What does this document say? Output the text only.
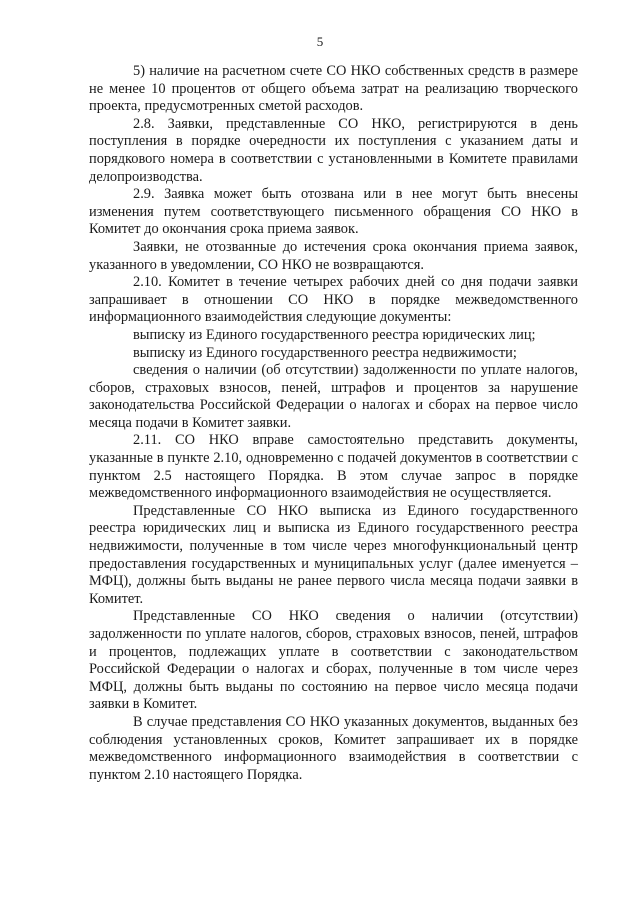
5

5) наличие на расчетном счете СО НКО собственных средств в размере не менее 10 процентов от общего объема затрат на реализацию творческого проекта, предусмотренных сметой расходов.

2.8. Заявки, представленные СО НКО, регистрируются в день поступления в порядке очередности их поступления с указанием даты и порядкового номера в соответствии с установленными в Комитете правилами делопроизводства.

2.9. Заявка может быть отозвана или в нее могут быть внесены изменения путем соответствующего письменного обращения СО НКО в Комитет до окончания срока приема заявок.

Заявки, не отозванные до истечения срока окончания приема заявок, указанного в уведомлении, СО НКО не возвращаются.

2.10. Комитет в течение четырех рабочих дней со дня подачи заявки запрашивает в отношении СО НКО в порядке межведомственного информационного взаимодействия следующие документы:

выписку из Единого государственного реестра юридических лиц;

выписку из Единого государственного реестра недвижимости;

сведения о наличии (об отсутствии) задолженности по уплате налогов, сборов, страховых взносов, пеней, штрафов и процентов за нарушение законодательства Российской Федерации о налогах и сборах на первое число месяца подачи в Комитет заявки.

2.11. СО НКО вправе самостоятельно представить документы, указанные в пункте 2.10, одновременно с подачей документов в соответствии с пунктом 2.5 настоящего Порядка. В этом случае запрос в порядке межведомственного информационного взаимодействия не осуществляется.

Представленные СО НКО выписка из Единого государственного реестра юридических лиц и выписка из Единого государственного реестра недвижимости, полученные в том числе через многофункциональный центр предоставления государственных и муниципальных услуг (далее именуется – МФЦ), должны быть выданы не ранее первого числа месяца подачи заявки в Комитет.

Представленные СО НКО сведения о наличии (отсутствии) задолженности по уплате налогов, сборов, страховых взносов, пеней, штрафов и процентов, подлежащих уплате в соответствии с законодательством Российской Федерации о налогах и сборах, полученные в том числе через МФЦ, должны быть выданы по состоянию на первое число месяца подачи заявки в Комитет.

В случае представления СО НКО указанных документов, выданных без соблюдения установленных сроков, Комитет запрашивает их в порядке межведомственного информационного взаимодействия в соответствии с пунктом 2.10 настоящего Порядка.
